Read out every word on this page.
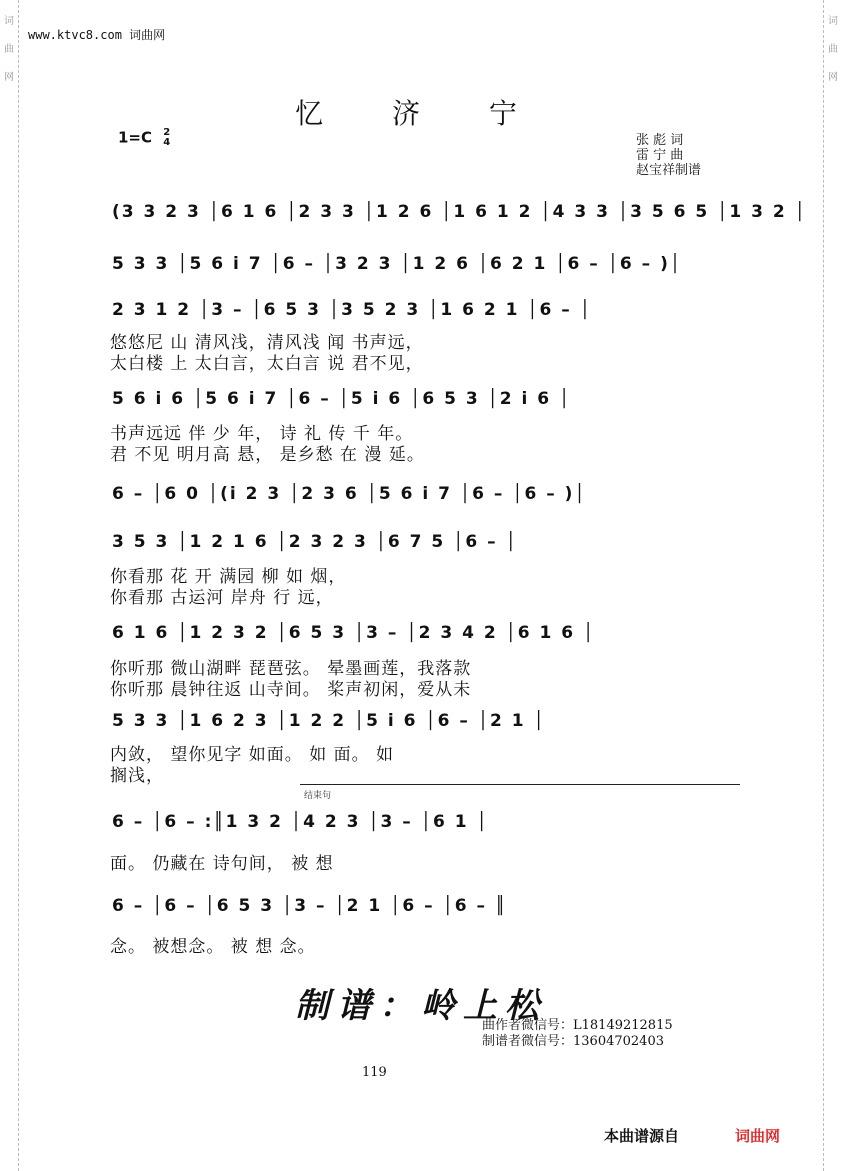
词
曲
网
词
曲
网
www.ktvc8.com 词曲网
忆 济 宁
1=C 2
4	张 彪 词
雷 宁 曲
赵宝祥制谱
(3 3 2 3 │6 1 6 │2 3 3 │1 2 6 │1 6 1 2 │4 3 3 │3 5 6 5 │1 3 2 │
5 3 3 │5 6 i 7 │6 – │3 2 3 │1 2 6 │6 2 1 │6 – │6 – )│
2 3 1 2 │3 – │6 5 3 │3 5 2 3 │1 6 2 1 │6 – │
悠悠尼 山 清风浅，清风浅 闻 书声远，
太白楼 上 太白言，太白言 说 君不见，
5 6 i 6 │5 6 i 7 │6 – │5 i 6 │6 5 3 │2 i 6 │
书声远远 伴 少 年， 诗 礼 传 千 年。
君 不见 明月高 悬， 是乡愁 在 漫 延。
6 – │6 0 │(i 2 3 │2 3 6 │5 6 i 7 │6 – │6 – )│
3 5 3 │1 2 1 6 │2 3 2 3 │6 7 5 │6 – │
你看那 花 开 满园 柳 如 烟，
你看那 古运河 岸舟 行 远，
6 1 6 │1 2 3 2 │6 5 3 │3 – │2 3 4 2 │6 1 6 │
你听那 微山湖畔 琵琶弦。 晕墨画莲，我落款
你听那 晨钟往返 山寺间。 桨声初闲，爱从未
5 3 3 │1 6 2 3 │1 2 2 │5 i 6 │6 – │2 1 │
内敛， 望你见字 如面。 如 面。 如
搁浅，
结束句
6 – │6 – :║1 3 2 │4 2 3 │3 – │6 1 │
面。 仍藏在 诗句间， 被 想
6 – │6 – │6 5 3 │3 – │2 1 │6 – │6 – ║
念。 被想念。 被 想 念。
制谱：岭上松
曲作者微信号：L18149212815
制谱者微信号：13604702403
119
本曲谱源自	词曲网
